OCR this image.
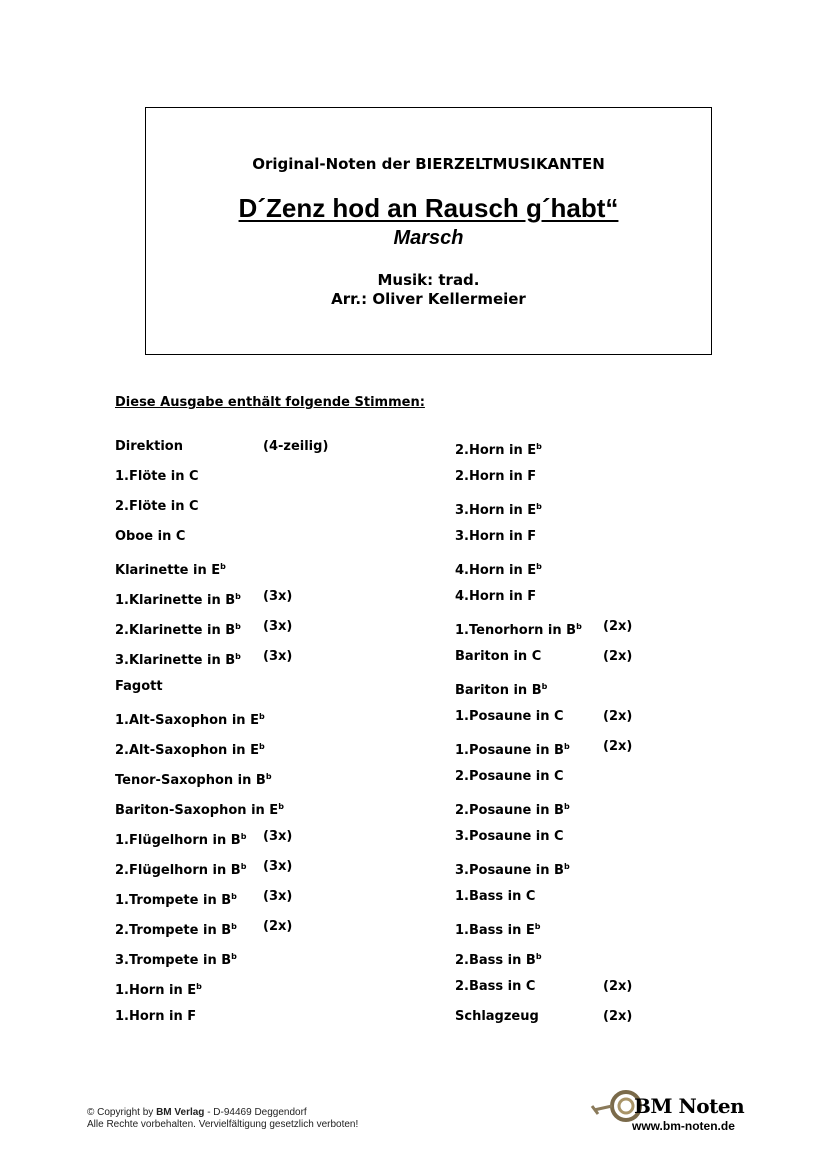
Original-Noten der BIERZELTMUSIKANTEN
D´Zenz hod an Rausch g´habt“
Marsch
Musik: trad.
Arr.: Oliver Kellermeier
Diese Ausgabe enthält folgende Stimmen:
Direktion	(4-zeilig)
1.Flöte in C
2.Flöte in C
Oboe in C
Klarinette in $E^b$
1.Klarinette in $B^b$ (3x)
2.Klarinette in $B^b$ (3x)
3.Klarinette in $B^b$ (3x)
Fagott
1.Alt-Saxophon in $E^b$
2.Alt-Saxophon in $E^b$
Tenor-Saxophon in $B^b$
Bariton-Saxophon in $E^b$
1.Flügelhorn in $B^b$ (3x)
2.Flügelhorn in $B^b$ (3x)
1.Trompete in $B^b$ (3x)
2.Trompete in $B^b$ (2x)
3.Trompete in $B^b$
1.Horn in $E^b$
1.Horn in F
2.Horn in $E^b$
2.Horn in F
3.Horn in $E^b$
3.Horn in F
4.Horn in $E^b$
4.Horn in F
1.Tenorhorn in $B^b$ (2x)
Bariton in C	(2x)
Bariton in $B^b$
1.Posaune in C	(2x)
1.Posaune in $B^b$	(2x)
2.Posaune in C
2.Posaune in $B^b$
3.Posaune in C
3.Posaune in $B^b$
1.Bass in C
1.Bass in $E^b$
2.Bass in $B^b$
2.Bass in C	(2x)
Schlagzeug	(2x)
© Copyright by BM Verlag - D-94469 Deggendorf
Alle Rechte vorbehalten. Vervielfältigung gesetzlich verboten!
BM Noten
www.bm-noten.de
